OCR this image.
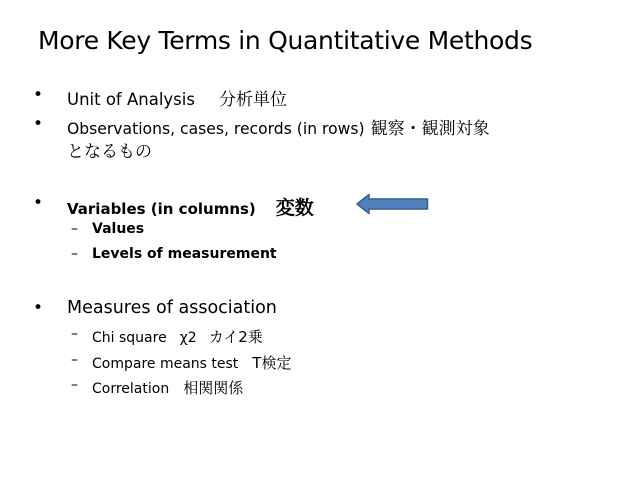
More Key Terms in Quantitative Methods
• Unit of Analysis 分析単位
• Observations, cases, records (in rows) 観察・観測対象
となるもの
• Variables (in columns) 変数
– Values
– Levels of measurement
• Measures of association
– Chi square χ2 カイ2乗
– Compare means test T検定
– Correlation 相関関係
